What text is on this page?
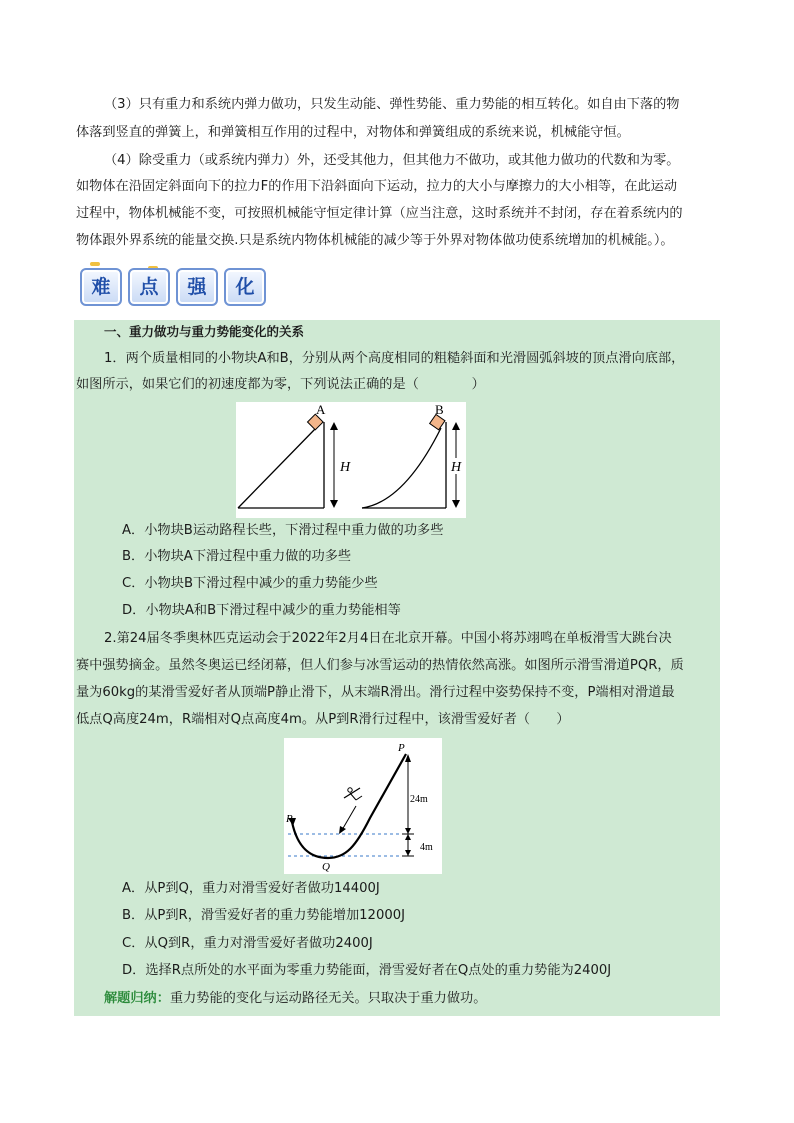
（3）只有重力和系统内弹力做功，只发生动能、弹性势能、重力势能的相互转化。如自由下落的物
体落到竖直的弹簧上，和弹簧相互作用的过程中，对物体和弹簧组成的系统来说，机械能守恒。
（4）除受重力（或系统内弹力）外，还受其他力，但其他力不做功，或其他力做功的代数和为零。
如物体在沿固定斜面向下的拉力F的作用下沿斜面向下运动，拉力的大小与摩擦力的大小相等，在此运动
过程中，物体机械能不变，可按照机械能守恒定律计算（应当注意，这时系统并不封闭，存在着系统内的
物体跟外界系统的能量交换.只是系统内物体机械能的减少等于外界对物体做功使系统增加的机械能。）。
难	点	强	化
一、重力做功与重力势能变化的关系
1．两个质量相同的小物块A和B，分别从两个高度相同的粗糙斜面和光滑圆弧斜坡的顶点滑向底部，
如图所示，如果它们的初速度都为零，下列说法正确的是（　　　　）
A
H
B
H
A．小物块B运动路程长些，下滑过程中重力做的功多些
B．小物块A下滑过程中重力做的功多些
C．小物块B下滑过程中减少的重力势能少些
D．小物块A和B下滑过程中减少的重力势能相等
2.第24届冬季奥林匹克运动会于2022年2月4日在北京开幕。中国小将苏翊鸣在单板滑雪大跳台决
赛中强势摘金。虽然冬奥运已经闭幕，但人们参与冰雪运动的热情依然高涨。如图所示滑雪滑道PQR，质
量为60kg的某滑雪爱好者从顶端P静止滑下，从末端R滑出。滑行过程中姿势保持不变，P端相对滑道最
低点Q高度24m，R端相对Q点高度4m。从P到R滑行过程中，该滑雪爱好者（　　）
P
R
Q
24m
4m
A．从P到Q，重力对滑雪爱好者做功14400J
B．从P到R，滑雪爱好者的重力势能增加12000J
C．从Q到R，重力对滑雪爱好者做功2400J
D．选择R点所处的水平面为零重力势能面，滑雪爱好者在Q点处的重力势能为2400J
解题归纳：重力势能的变化与运动路径无关。只取决于重力做功。
